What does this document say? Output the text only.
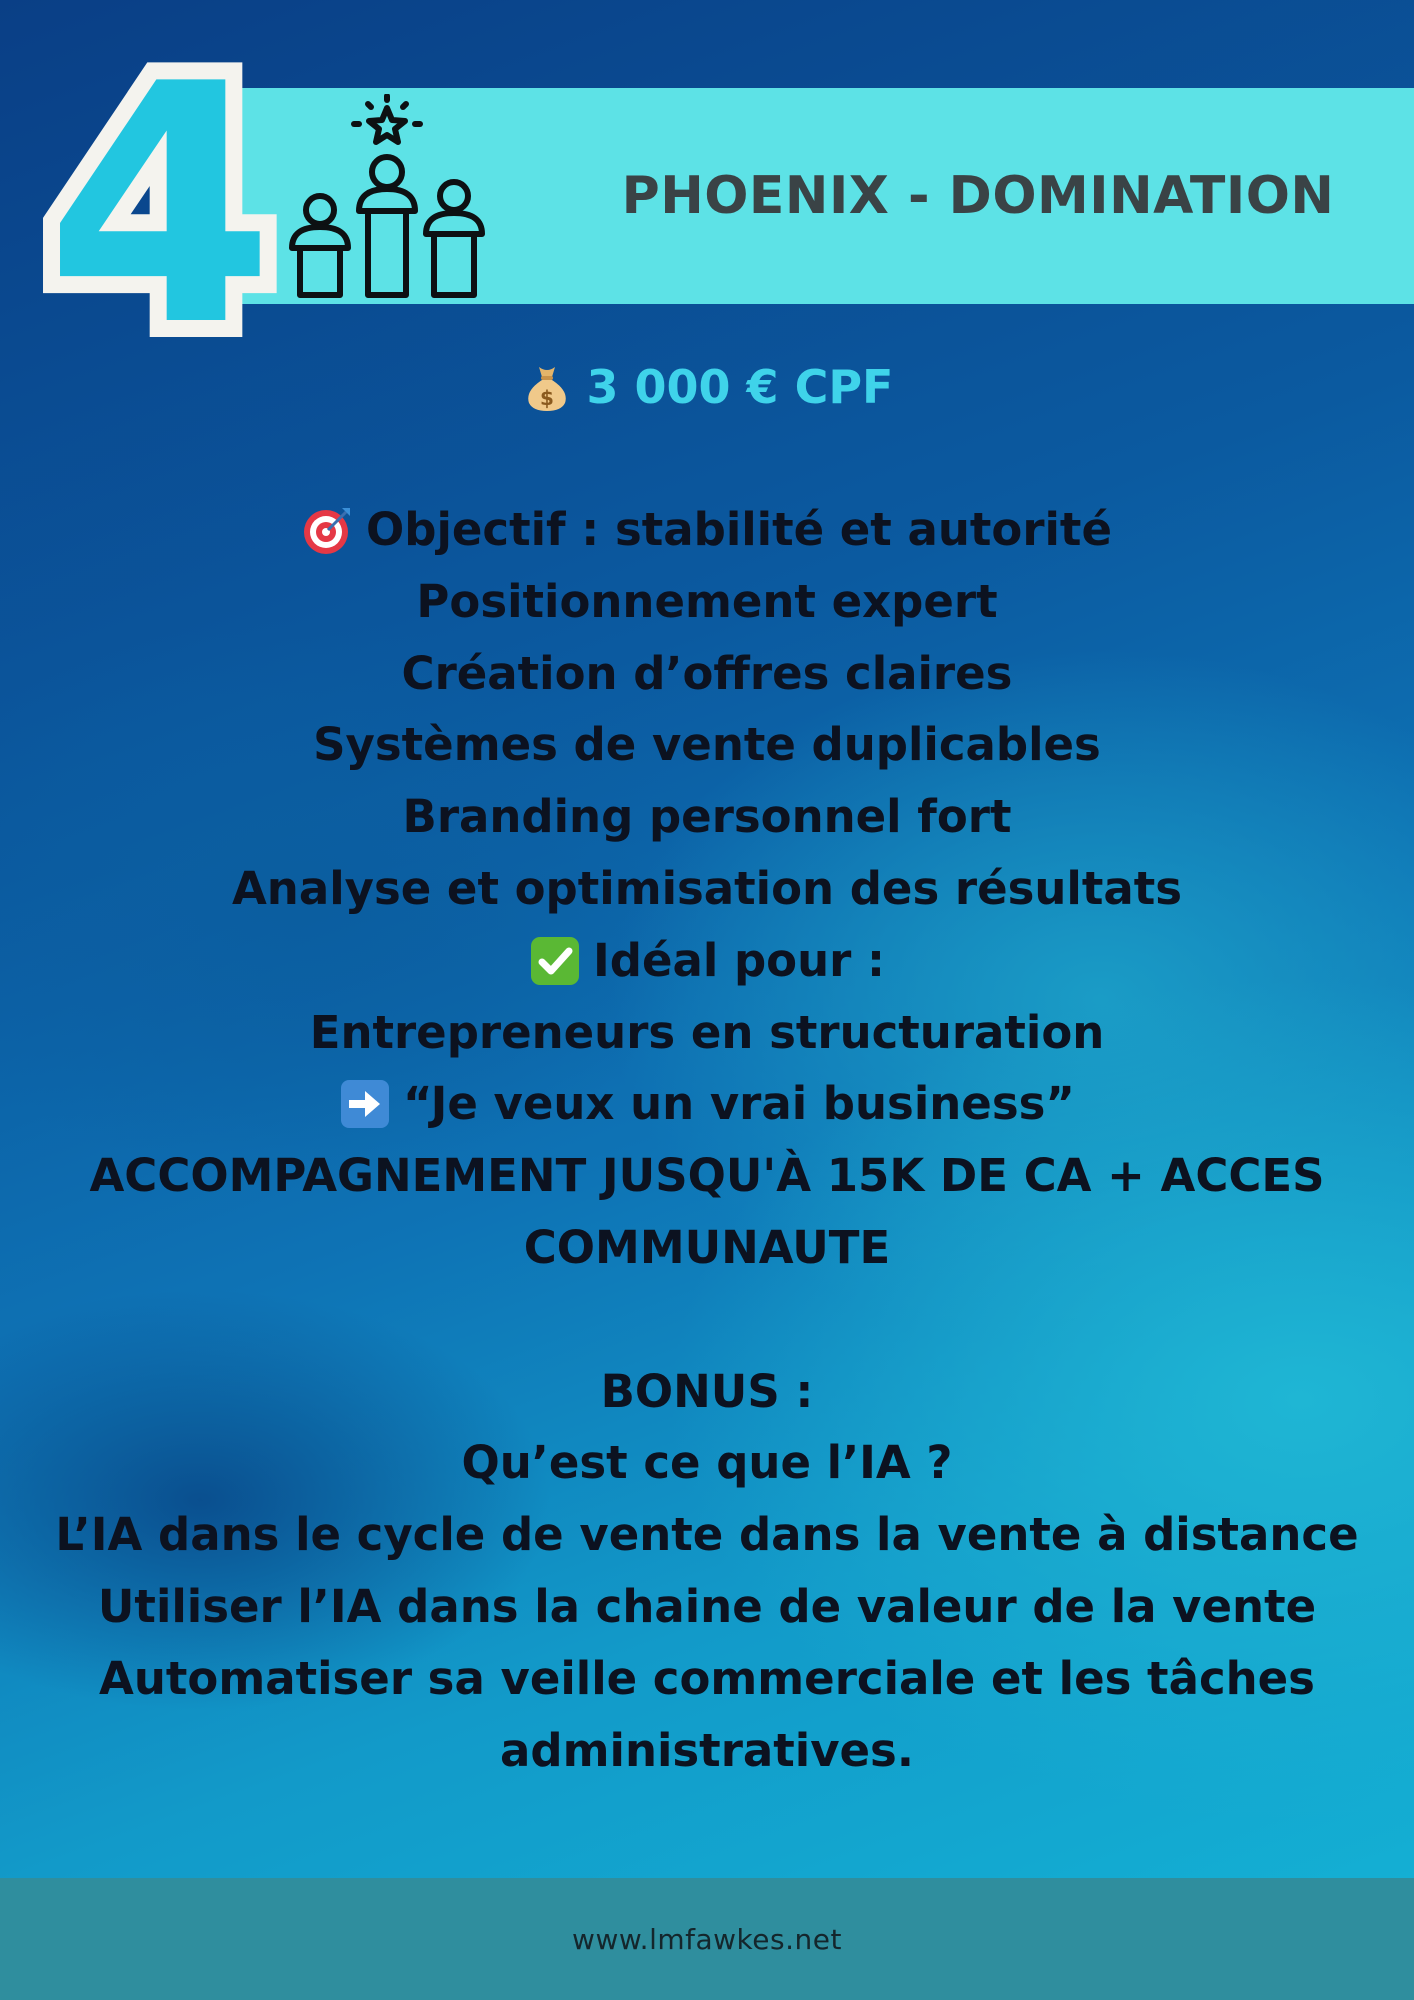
PHOENIX - DOMINATION
4	$ 3 000 € CPF
Objectif : stabilité et autorité
Positionnement expert
Création d’offres claires
Systèmes de vente duplicables
Branding personnel fort
Analyse et optimisation des résultats
Idéal pour :
Entrepreneurs en structuration
“Je veux un vrai business”
ACCOMPAGNEMENT JUSQU'À 15K DE CA + ACCES COMMUNAUTE
BONUS :
Qu’est ce que l’IA ?
L’IA dans le cycle de vente dans la vente à distance
Utiliser l’IA dans la chaine de valeur de la vente
Automatiser sa veille commerciale et les tâches administratives.
www.lmfawkes.net
